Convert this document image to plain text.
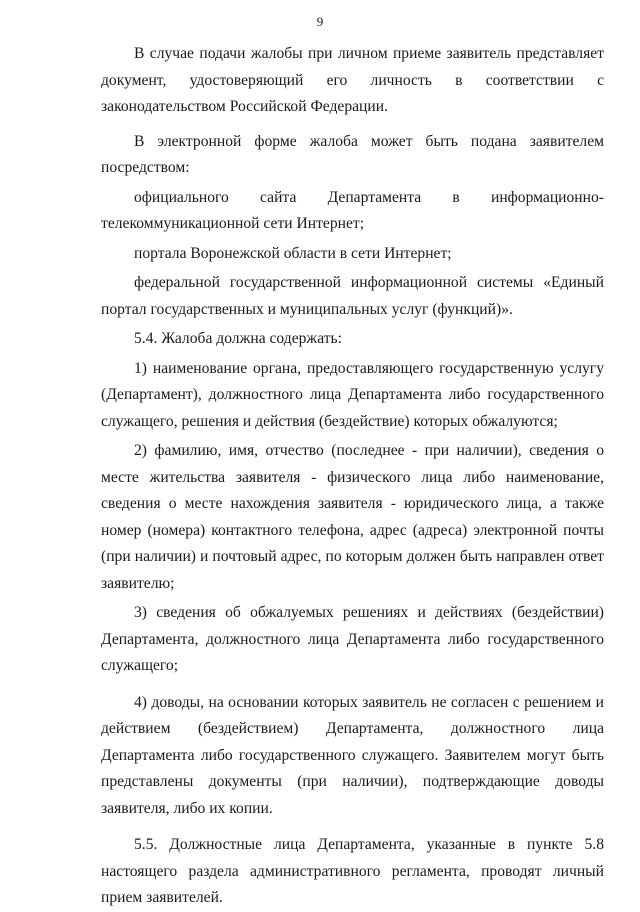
9

В случае подачи жалобы при личном приеме заявитель представляет документ, удостоверяющий его личность в соответствии с законодательством Российской Федерации.

В электронной форме жалоба может быть подана заявителем посредством:

официального сайта Департамента в информационно-телекоммуникационной сети Интернет;

портала Воронежской области в сети Интернет;

федеральной государственной информационной системы «Единый портал государственных и муниципальных услуг (функций)».

5.4. Жалоба должна содержать:

1) наименование органа, предоставляющего государственную услугу (Департамент), должностного лица Департамента либо государственного служащего, решения и действия (бездействие) которых обжалуются;

2) фамилию, имя, отчество (последнее - при наличии), сведения о месте жительства заявителя - физического лица либо наименование, сведения о месте нахождения заявителя - юридического лица, а также номер (номера) контактного телефона, адрес (адреса) электронной почты (при наличии) и почтовый адрес, по которым должен быть направлен ответ заявителю;

3) сведения об обжалуемых решениях и действиях (бездействии) Департамента, должностного лица Департамента либо государственного служащего;

4) доводы, на основании которых заявитель не согласен с решением и действием (бездействием) Департамента, должностного лица Департамента либо государственного служащего. Заявителем могут быть представлены документы (при наличии), подтверждающие доводы заявителя, либо их копии.

5.5. Должностные лица Департамента, указанные в пункте 5.8 настоящего раздела административного регламента, проводят личный прием заявителей.
